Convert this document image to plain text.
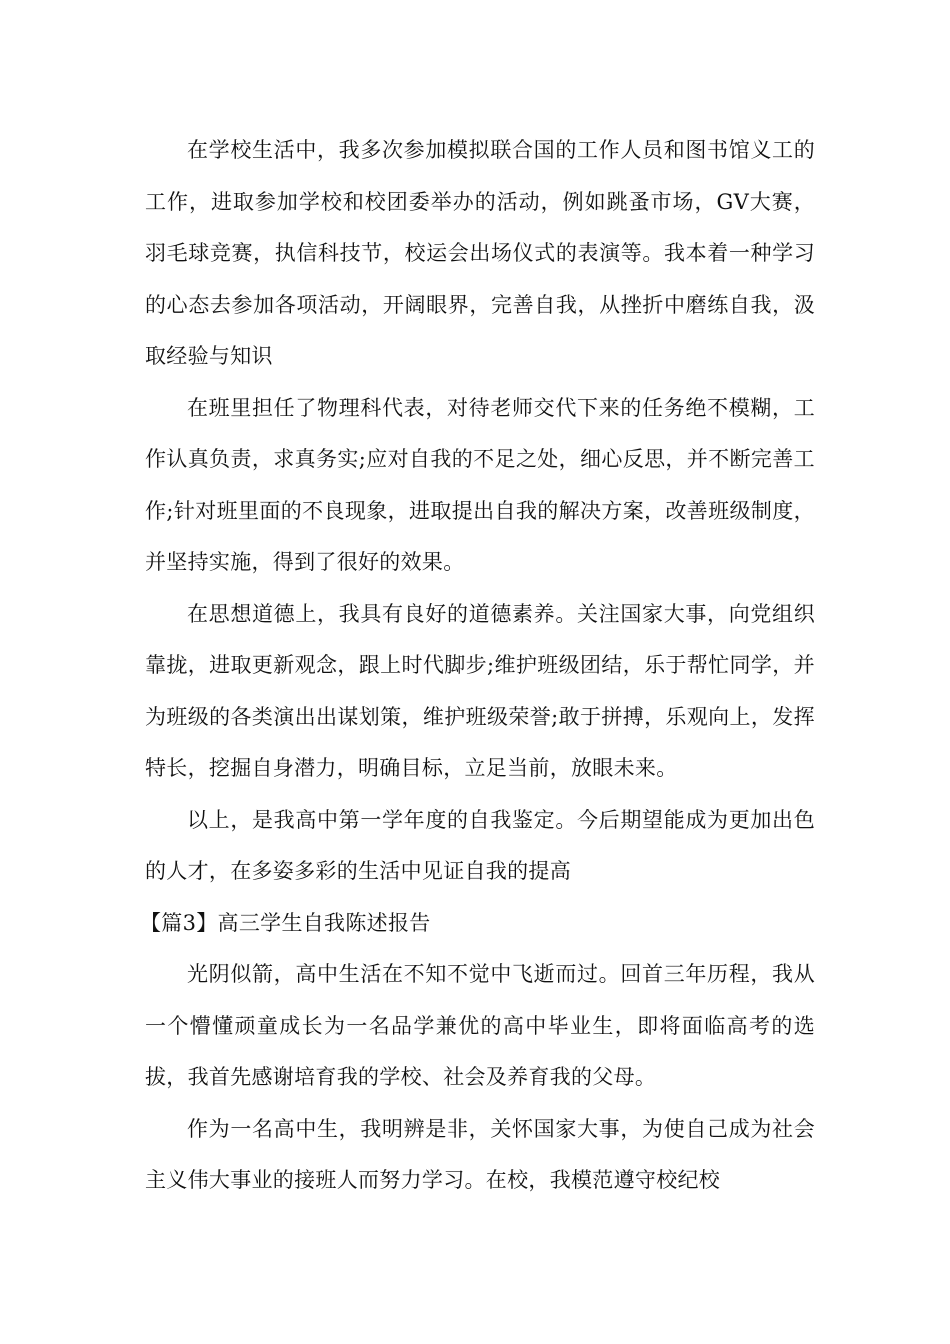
在学校生活中，我多次参加模拟联合国的工作人员和图书馆义工的工作，进取参加学校和校团委举办的活动，例如跳蚤市场，GV大赛，羽毛球竞赛，执信科技节，校运会出场仪式的表演等。我本着一种学习的心态去参加各项活动，开阔眼界，完善自我，从挫折中磨练自我，汲取经验与知识

在班里担任了物理科代表，对待老师交代下来的任务绝不模糊，工作认真负责，求真务实;应对自我的不足之处，细心反思，并不断完善工作;针对班里面的不良现象，进取提出自我的解决方案，改善班级制度，并坚持实施，得到了很好的效果。

在思想道德上，我具有良好的道德素养。关注国家大事，向党组织靠拢，进取更新观念，跟上时代脚步;维护班级团结，乐于帮忙同学，并为班级的各类演出出谋划策，维护班级荣誉;敢于拼搏，乐观向上，发挥特长，挖掘自身潜力，明确目标，立足当前，放眼未来。

以上，是我高中第一学年度的自我鉴定。今后期望能成为更加出色的人才，在多姿多彩的生活中见证自我的提高

【篇3】高三学生自我陈述报告

光阴似箭，高中生活在不知不觉中飞逝而过。回首三年历程，我从一个懵懂顽童成长为一名品学兼优的高中毕业生，即将面临高考的选拔，我首先感谢培育我的学校、社会及养育我的父母。

作为一名高中生，我明辨是非，关怀国家大事，为使自己成为社会主义伟大事业的接班人而努力学习。在校，我模范遵守校纪校
